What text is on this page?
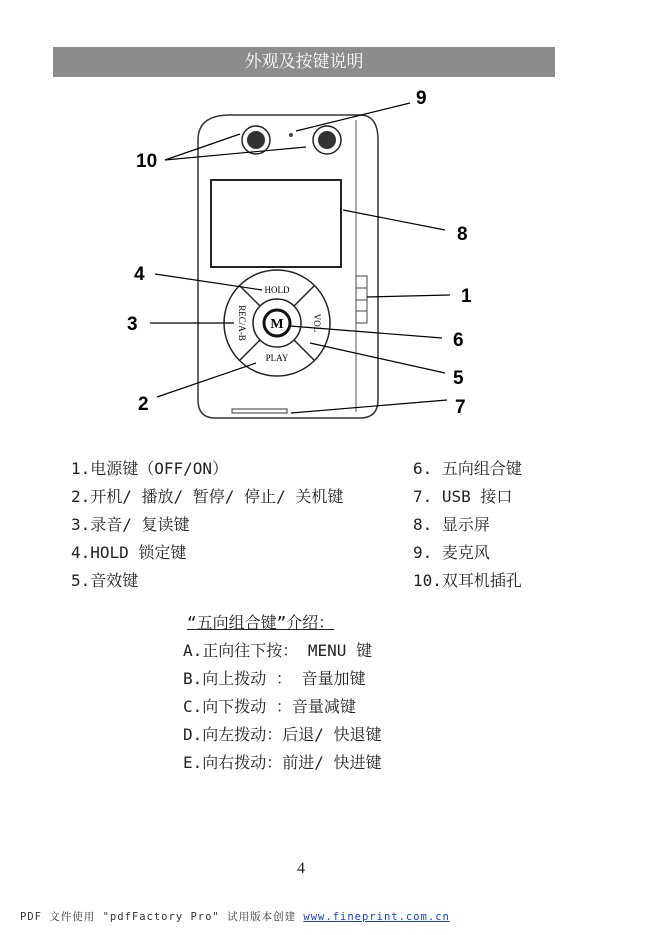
外观及按键说明
M
HOLD
PLAY
REC/A-B	VOL
9
10
8
4
1
3
6
5
2	7
1.电源键（OFF/ON）
2.开机/ 播放/ 暂停/ 停止/ 关机键
3.录音/ 复读键
4.HOLD 锁定键
5.音效键
6. 五向组合键
7. USB 接口
8. 显示屏
9. 麦克风
10.双耳机插孔
“五向组合键”介绍：
A.正向往下按： MENU 键
B.向上拨动 ： 音量加键
C.向下拨动 ：音量减键
D.向左拨动：后退/ 快退键
E.向右拨动：前进/ 快进键
4
PDF 文件使用 "pdfFactory Pro" 试用版本创建 www.fineprint.com.cn
